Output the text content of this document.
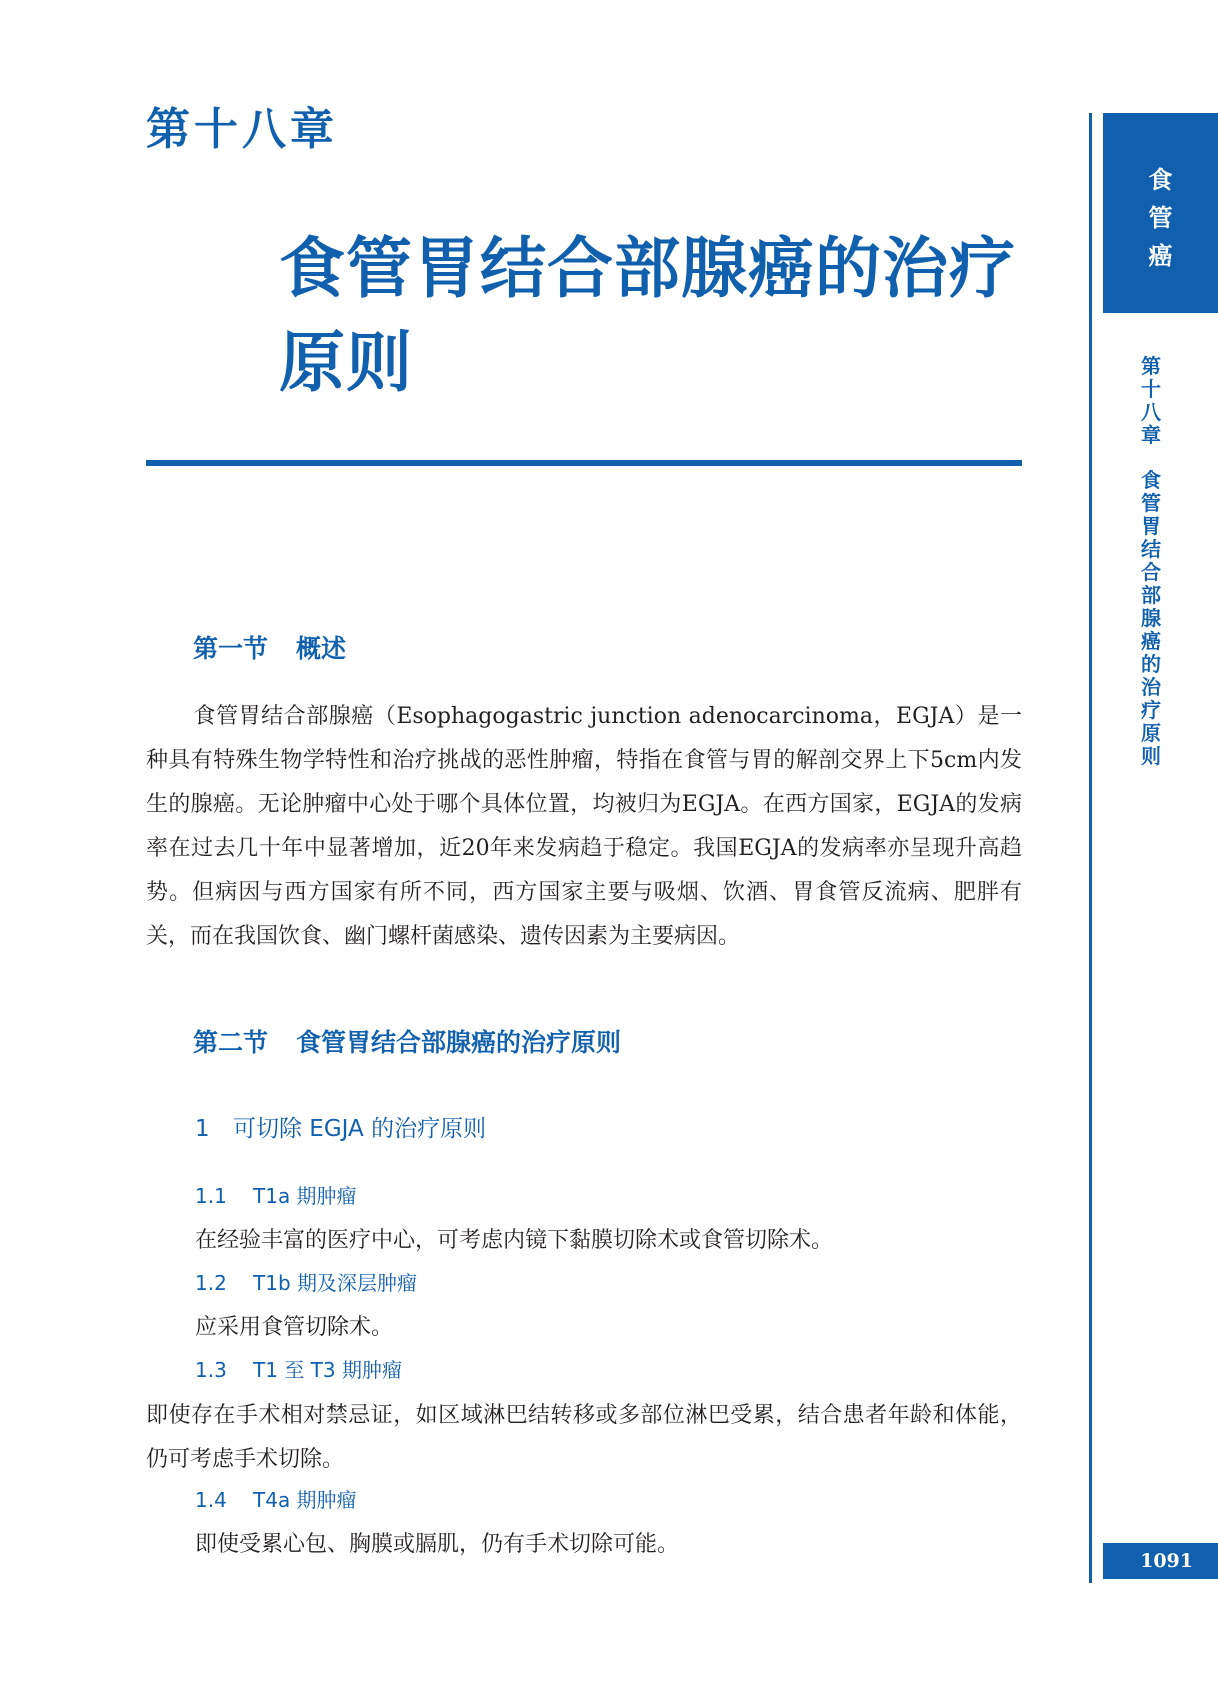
第十八章
食管胃结合部腺癌的治疗原则
第一节 概述

食管胃结合部腺癌（Esophagogastric junction adenocarcinoma，EGJA）是一种具有特殊生物学特性和治疗挑战的恶性肿瘤，特指在食管与胃的解剖交界上下5cm内发生的腺癌。无论肿瘤中心处于哪个具体位置，均被归为EGJA。在西方国家，EGJA的发病率在过去几十年中显著增加，近20年来发病趋于稳定。我国EGJA的发病率亦呈现升高趋势。但病因与西方国家有所不同，西方国家主要与吸烟、饮酒、胃食管反流病、肥胖有关，而在我国饮食、幽门螺杆菌感染、遗传因素为主要病因。

第二节 食管胃结合部腺癌的治疗原则
1 可切除 EGJA 的治疗原则
1.1 T1a 期肿瘤
在经验丰富的医疗中心，可考虑内镜下黏膜切除术或食管切除术。
1.2 T1b 期及深层肿瘤
应采用食管切除术。
1.3 T1 至 T3 期肿瘤

即使存在手术相对禁忌证，如区域淋巴结转移或多部位淋巴受累，结合患者年龄和体能，仍可考虑手术切除。

1.4 T4a 期肿瘤
即使受累心包、胸膜或膈肌，仍有手术切除可能。
食
管
癌
第
十
八
章
食
管
胃
结
合
部
腺
癌
的
治
疗
原
则
1091
